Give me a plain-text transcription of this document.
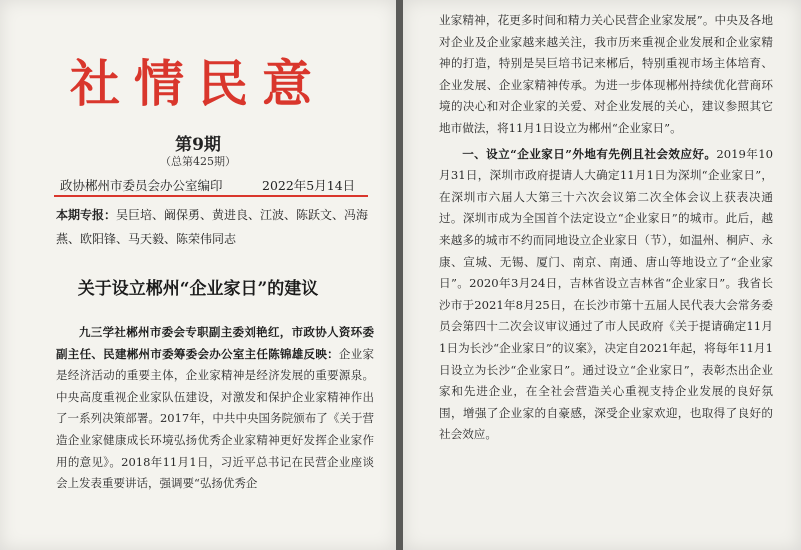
社情民意
第9期
（总第425期）
政协郴州市委员会办公室编印	2022年5月14日

本期专报：吴巨培、阚保勇、黄进良、江波、陈跃文、冯海燕、欧阳锋、马天毅、陈荣伟同志

关于设立郴州“企业家日”的建议

九三学社郴州市委会专职副主委刘艳红，市政协人资环委副主任、民建郴州市委筹委会办公室主任陈锦雄反映：企业家是经济活动的重要主体，企业家精神是经济发展的重要源泉。中央高度重视企业家队伍建设，对激发和保护企业家精神作出了一系列决策部署。2017年，中共中央国务院颁布了《关于营造企业家健康成长环境弘扬优秀企业家精神更好发挥企业家作用的意见》。2018年11月1日，习近平总书记在民营企业座谈会上发表重要讲话，强调要“弘扬优秀企

业家精神，花更多时间和精力关心民营企业家发展”。中央及各地对企业及企业家越来越关注，我市历来重视企业发展和企业家精神的打造，特别是吴巨培书记来郴后，特别重视市场主体培育、企业发展、企业家精神传承。为进一步体现郴州持续优化营商环境的决心和对企业家的关爱、对企业发展的关心，建议参照其它地市做法，将11月1日设立为郴州“企业家日”。

一、设立“企业家日”外地有先例且社会效应好。2019年10月31日，深圳市政府提请人大确定11月1日为深圳“企业家日”，在深圳市六届人大第三十六次会议第二次全体会议上获表决通过。深圳市成为全国首个法定设立“企业家日”的城市。此后，越来越多的城市不约而同地设立企业家日（节），如温州、桐庐、永康、宣城、无锡、厦门、南京、南通、唐山等地设立了“企业家日”。2020年3月24日，吉林省设立吉林省“企业家日”。我省长沙市于2021年8月25日，在长沙市第十五届人民代表大会常务委员会第四十二次会议审议通过了市人民政府《关于提请确定11月1日为长沙“企业家日”的议案》，决定自2021年起，将每年11月1日设立为长沙“企业家日”。通过设立“企业家日”，表彰杰出企业家和先进企业，在全社会营造关心重视支持企业发展的良好氛围，增强了企业家的自豪感，深受企业家欢迎，也取得了良好的社会效应。
